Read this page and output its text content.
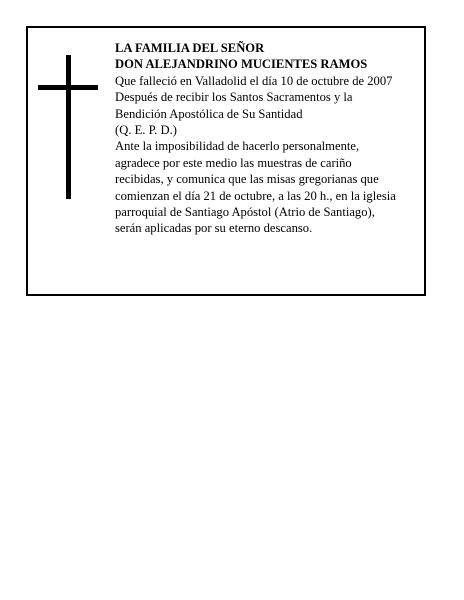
LA FAMILIA DEL SEÑOR
DON ALEJANDRINO MUCIENTES RAMOS
Que falleció en Valladolid el día 10 de octubre de 2007
Después de recibir los Santos Sacramentos y la
Bendición Apostólica de Su Santidad
(Q. E. P. D.)
Ante la imposibilidad de hacerlo personalmente,
agradece por este medio las muestras de cariño
recibidas, y comunica que las misas gregorianas que
comienzan el día 21 de octubre, a las 20 h., en la iglesia
parroquial de Santiago Apóstol (Atrio de Santiago),
serán aplicadas por su eterno descanso.
